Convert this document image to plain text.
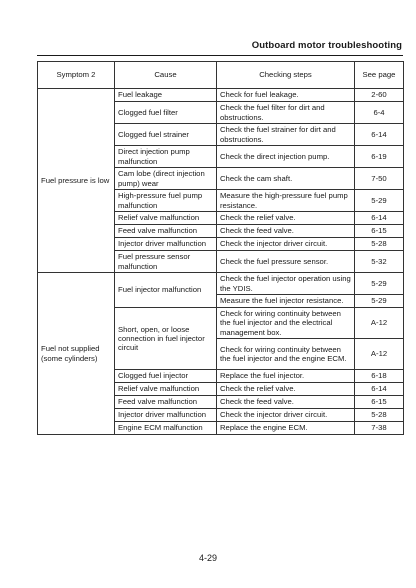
Outboard motor troubleshooting
Symptom 2	Cause	Checking steps	See page
Fuel pressure is low	Fuel leakage	Check for fuel leakage.	2-60
	Clogged fuel filter	Check the fuel filter for dirt and obstructions.	6-4
	Clogged fuel strainer	Check the fuel strainer for dirt and obstructions.	6-14
	Direct injection pump malfunction	Check the direct injection pump.	6-19
	Cam lobe (direct injection pump) wear	Check the cam shaft.	7-50
	High-pressure fuel pump malfunction	Measure the high-pressure fuel pump resistance.	5-29
	Relief valve malfunction	Check the relief valve.	6-14
	Feed valve malfunction	Check the feed valve.	6-15
	Injector driver malfunction	Check the injector driver circuit.	5-28
	Fuel pressure sensor malfunction	Check the fuel pressure sensor.	5-32
Fuel not supplied (some cylinders)	Fuel injector malfunction	Check the fuel injector operation using the YDIS.	5-29
		Measure the fuel injector resistance.	5-29
	Short, open, or loose connection in fuel injector circuit	Check for wiring continuity between the fuel injector and the electrical management box.	A-12
		Check for wiring continuity between the fuel injector and the engine ECM.	A-12
	Clogged fuel injector	Replace the fuel injector.	6-18
	Relief valve malfunction	Check the relief valve.	6-14
	Feed valve malfunction	Check the feed valve.	6-15
	Injector driver malfunction	Check the injector driver circuit.	5-28
	Engine ECM malfunction	Replace the engine ECM.	7-38
4-29
